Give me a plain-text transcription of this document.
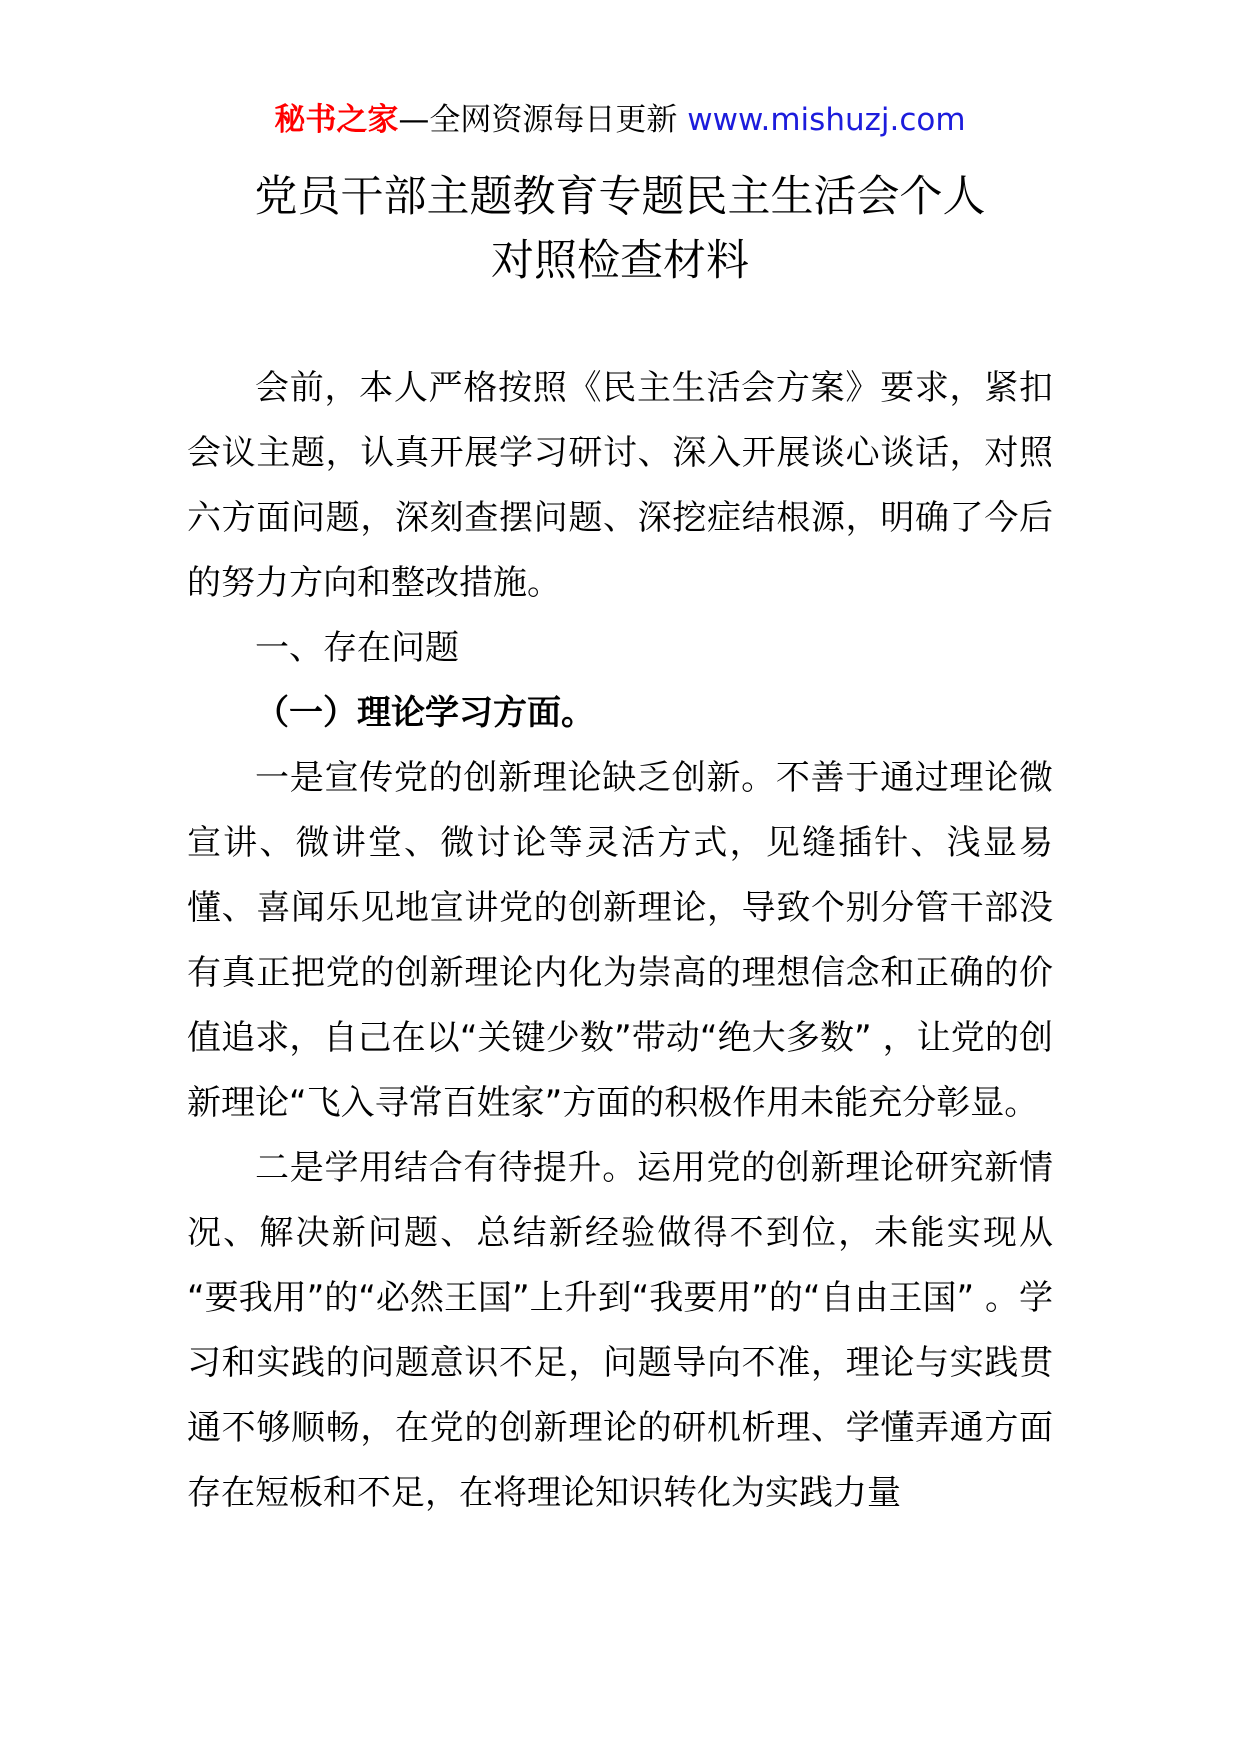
秘书之家—全网资源每日更新 www.mishuzj.com
党员干部主题教育专题民主生活会个人
对照检查材料

会前，本人严格按照《民主生活会方案》要求，紧扣会议主题，认真开展学习研讨、深入开展谈心谈话，对照六方面问题，深刻查摆问题、深挖症结根源，明确了今后的努力方向和整改措施。

一、存在问题

（一）理论学习方面。

一是宣传党的创新理论缺乏创新。不善于通过理论微宣讲、微讲堂、微讨论等灵活方式，见缝插针、浅显易懂、喜闻乐见地宣讲党的创新理论，导致个别分管干部没有真正把党的创新理论内化为崇高的理想信念和正确的价值追求，自己在以“关键少数”带动“绝大多数” ，让党的创新理论“飞入寻常百姓家”方面的积极作用未能充分彰显。

二是学用结合有待提升。运用党的创新理论研究新情况、解决新问题、总结新经验做得不到位，未能实现从 “要我用”的“必然王国”上升到“我要用”的“自由王国” 。学习和实践的问题意识不足，问题导向不准，理论与实践贯通不够顺畅，在党的创新理论的研机析理、学懂弄通方面存在短板和不足，在将理论知识转化为实践力量
